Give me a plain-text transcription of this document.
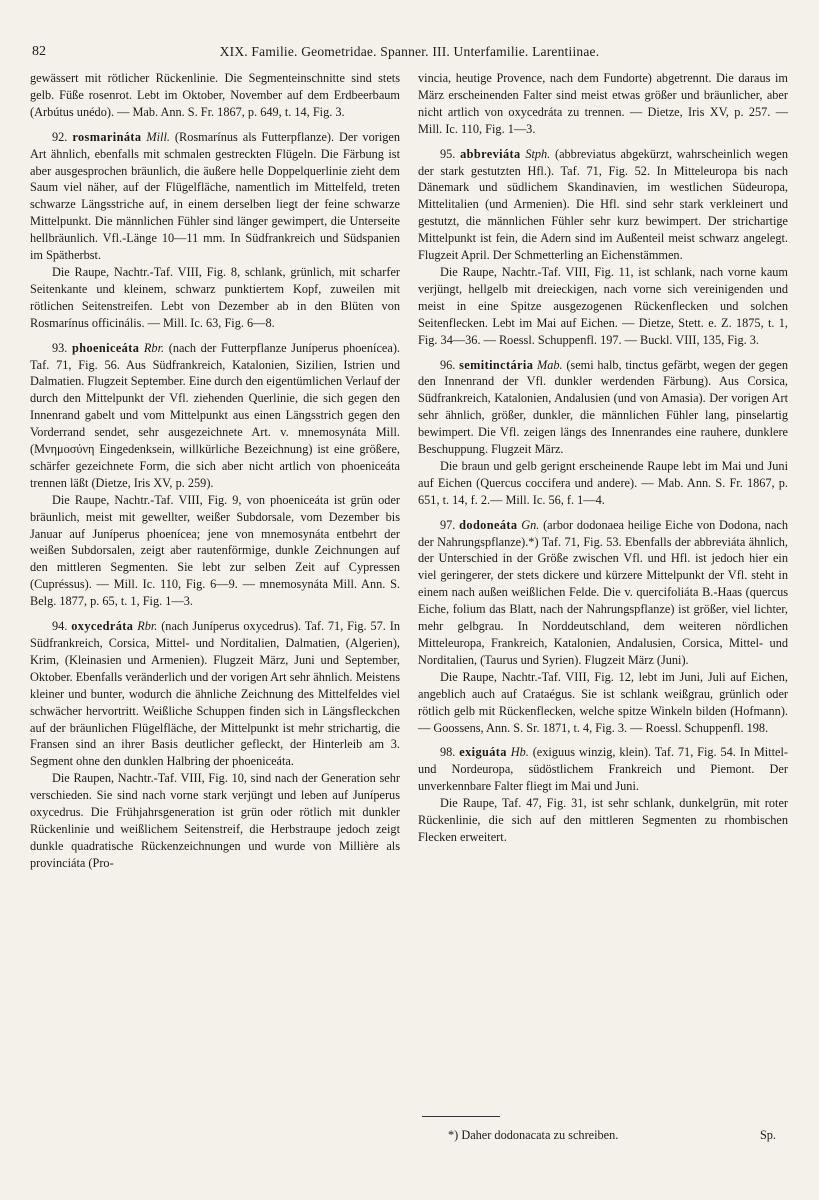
82	XIX. Familie. Geometridae. Spanner. III. Unterfamilie. Larentiinae.

gewässert mit rötlicher Rückenlinie. Die Segmenteinschnitte sind stets gelb. Füße rosenrot. Lebt im Oktober, November auf dem Erdbeerbaum (Arbútus unédo). — Mab. Ann. S. Fr. 1867, p. 649, t. 14, Fig. 3.

92. rosmarináta Mill. (Rosmarínus als Futterpflanze). Der vorigen Art ähnlich, ebenfalls mit schmalen gestreckten Flügeln. Die Färbung ist aber ausgesprochen bräunlich, die äußere helle Doppelquerlinie zieht dem Saum viel näher, auf der Flügelfläche, namentlich im Mittelfeld, treten schwarze Längsstriche auf, in einem derselben liegt der feine schwarze Mittelpunkt. Die männlichen Fühler sind länger gewimpert, die Unterseite hellbräunlich. Vfl.-Länge 10—11 mm. In Südfrankreich und Südspanien im Spätherbst.

Die Raupe, Nachtr.-Taf. VIII, Fig. 8, schlank, grünlich, mit scharfer Seitenkante und kleinem, schwarz punktiertem Kopf, zuweilen mit rötlichen Seitenstreifen. Lebt von Dezember ab in den Blüten von Rosmarínus officinális. — Mill. Ic. 63, Fig. 6—8.

93. phoeniceáta Rbr. (nach der Futterpflanze Juníperus phoenícea). Taf. 71, Fig. 56. Aus Südfrankreich, Katalonien, Sizilien, Istrien und Dalmatien. Flugzeit September. Eine durch den eigentümlichen Verlauf der durch den Mittelpunkt der Vfl. ziehenden Querlinie, die sich gegen den Innenrand gabelt und vom Mittelpunkt aus einen Längsstrich gegen den Vorderrand sendet, sehr ausgezeichnete Art. v. mnemosynáta Mill. (Μνημοσύνη Eingedenksein, willkürliche Bezeichnung) ist eine größere, schärfer gezeichnete Form, die sich aber nicht artlich von phoeniceáta trennen läßt (Dietze, Iris XV, p. 259).

Die Raupe, Nachtr.-Taf. VIII, Fig. 9, von phoeniceáta ist grün oder bräunlich, meist mit gewellter, weißer Subdorsale, vom Dezember bis Januar auf Juníperus phoenícea; jene von mnemosynáta entbehrt der weißen Subdorsalen, zeigt aber rautenförmige, dunkle Zeichnungen auf den mittleren Segmenten. Sie lebt zur selben Zeit auf Cypressen (Cupréssus). — Mill. Ic. 110, Fig. 6—9. — mnemosynáta Mill. Ann. S. Belg. 1877, p. 65, t. 1, Fig. 1—3.

94. oxycedráta Rbr. (nach Juníperus oxycedrus). Taf. 71, Fig. 57. In Südfrankreich, Corsica, Mittel- und Norditalien, Dalmatien, (Algerien), Krim, (Kleinasien und Armenien). Flugzeit März, Juni und September, Oktober. Ebenfalls veränderlich und der vorigen Art sehr ähnlich. Meistens kleiner und bunter, wodurch die ähnliche Zeichnung des Mittelfeldes viel schwächer hervortritt. Weißliche Schuppen finden sich in Längsfleckchen auf der bräunlichen Flügelfläche, der Mittelpunkt ist mehr strichartig, die Fransen sind an ihrer Basis deutlicher gefleckt, der Hinterleib am 3. Segment ohne den dunklen Halbring der phoeniceáta.

Die Raupen, Nachtr.-Taf. VIII, Fig. 10, sind nach der Generation sehr verschieden. Sie sind nach vorne stark verjüngt und leben auf Juníperus oxycedrus. Die Frühjahrsgeneration ist grün oder rötlich mit dunkler Rückenlinie und weißlichem Seitenstreif, die Herbstraupe jedoch zeigt dunkle quadratische Rückenzeichnungen und wurde von Millière als provinciáta (Pro-

vincia, heutige Provence, nach dem Fundorte) abgetrennt. Die daraus im März erscheinenden Falter sind meist etwas größer und bräunlicher, aber nicht artlich von oxycedráta zu trennen. — Dietze, Iris XV, p. 257. — Mill. Ic. 110, Fig. 1—3.

95. abbreviáta Stph. (abbreviatus abgekürzt, wahrscheinlich wegen der stark gestutzten Hfl.). Taf. 71, Fig. 52. In Mitteleuropa bis nach Dänemark und südlichem Skandinavien, im westlichen Südeuropa, Mittelitalien (und Armenien). Die Hfl. sind sehr stark verkleinert und gestutzt, die männlichen Fühler sehr kurz bewimpert. Der strichartige Mittelpunkt ist fein, die Adern sind im Außenteil meist schwarz angelegt. Flugzeit April. Der Schmetterling an Eichenstämmen.

Die Raupe, Nachtr.-Taf. VIII, Fig. 11, ist schlank, nach vorne kaum verjüngt, hellgelb mit dreieckigen, nach vorne sich vereinigenden und meist in eine Spitze ausgezogenen Rückenflecken und solchen Seitenflecken. Lebt im Mai auf Eichen. — Dietze, Stett. e. Z. 1875, t. 1, Fig. 34—36. — Roessl. Schuppenfl. 197. — Buckl. VIII, 135, Fig. 3.

96. semitinctária Mab. (semi halb, tinctus gefärbt, wegen der gegen den Innenrand der Vfl. dunkler werdenden Färbung). Aus Corsica, Südfrankreich, Katalonien, Andalusien (und von Amasia). Der vorigen Art sehr ähnlich, größer, dunkler, die männlichen Fühler lang, pinselartig bewimpert. Die Vfl. zeigen längs des Innenrandes eine rauhere, dunklere Beschuppung. Flugzeit März.

Die braun und gelb gerignt erscheinende Raupe lebt im Mai und Juni auf Eichen (Quercus coccifera und andere). — Mab. Ann. S. Fr. 1867, p. 651, t. 14, f. 2.— Mill. Ic. 56, f. 1—4.

97. dodoneáta Gn. (arbor dodonaea heilige Eiche von Dodona, nach der Nahrungspflanze).*) Taf. 71, Fig. 53. Ebenfalls der abbreviáta ähnlich, der Unterschied in der Größe zwischen Vfl. und Hfl. ist jedoch hier ein viel geringerer, der stets dickere und kürzere Mittelpunkt der Vfl. steht in einem nach außen weißlichen Felde. Die v. quercifoliáta B.-Haas (quercus Eiche, folium das Blatt, nach der Nahrungspflanze) ist größer, viel lichter, mehr gelbgrau. In Norddeutschland, dem weiteren nördlichen Mitteleuropa, Frankreich, Katalonien, Andalusien, Corsica, Mittel- und Norditalien, (Taurus und Syrien). Flugzeit März (Juni).

Die Raupe, Nachtr.-Taf. VIII, Fig. 12, lebt im Juni, Juli auf Eichen, angeblich auch auf Crataégus. Sie ist schlank weißgrau, grünlich oder rötlich gelb mit Rückenflecken, welche spitze Winkeln bilden (Hofmann). — Goossens, Ann. S. Sr. 1871, t. 4, Fig. 3. — Roessl. Schuppenfl. 198.

98. exiguáta Hb. (exiguus winzig, klein). Taf. 71, Fig. 54. In Mittel- und Nordeuropa, südöstlichem Frankreich und Piemont. Der unverkennbare Falter fliegt im Mai und Juni.

Die Raupe, Taf. 47, Fig. 31, ist sehr schlank, dunkelgrün, mit roter Rückenlinie, die sich auf den mittleren Segmenten zu rhombischen Flecken erweitert.

*) Daher dodonacata zu schreiben.	Sp.
